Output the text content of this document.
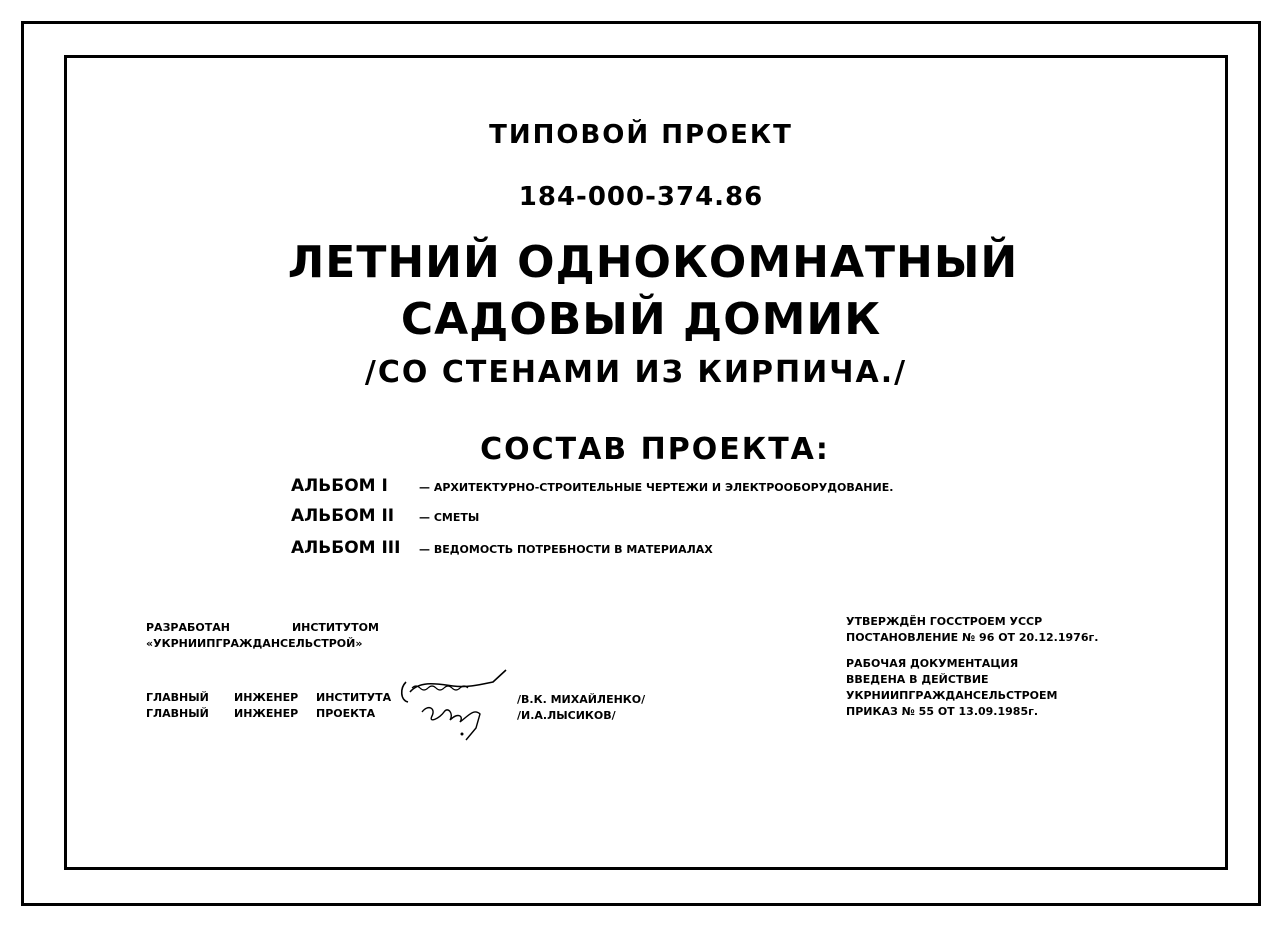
ТИПОВОЙ ПРОЕКТ
184-000-374.86
ЛЕТНИЙ ОДНОКОМНАТНЫЙ
САДОВЫЙ ДОМИК
/СО СТЕНАМИ ИЗ КИРПИЧА./
СОСТАВ ПРОЕКТА:
АЛЬБОМ I	— АРХИТЕКТУРНО-СТРОИТЕЛЬНЫЕ ЧЕРТЕЖИ И ЭЛЕКТРООБОРУДОВАНИЕ.
АЛЬБОМ II — СМЕТЫ
АЛЬБОМ III — ВЕДОМОСТЬ ПОТРЕБНОСТИ В МАТЕРИАЛАХ
РАЗРАБОТАН	ИНСТИТУТОМ
«УКРНИИПГРАЖДАНСЕЛЬСТРОЙ»
ГЛАВНЫЙ ИНЖЕНЕР ИНСТИТУТА
ГЛАВНЫЙ ИНЖЕНЕР ПРОЕКТА
/В.К. МИХАЙЛЕНКО/
/И.А.ЛЫСИКОВ/
УТВЕРЖДЁН ГОССТРОЕМ УССР
ПОСТАНОВЛЕНИЕ № 96 ОТ 20.12.1976г.
РАБОЧАЯ ДОКУМЕНТАЦИЯ
ВВЕДЕНА В ДЕЙСТВИЕ
УКРНИИПГРАЖДАНСЕЛЬСТРОЕМ
ПРИКАЗ № 55 ОТ 13.09.1985г.
